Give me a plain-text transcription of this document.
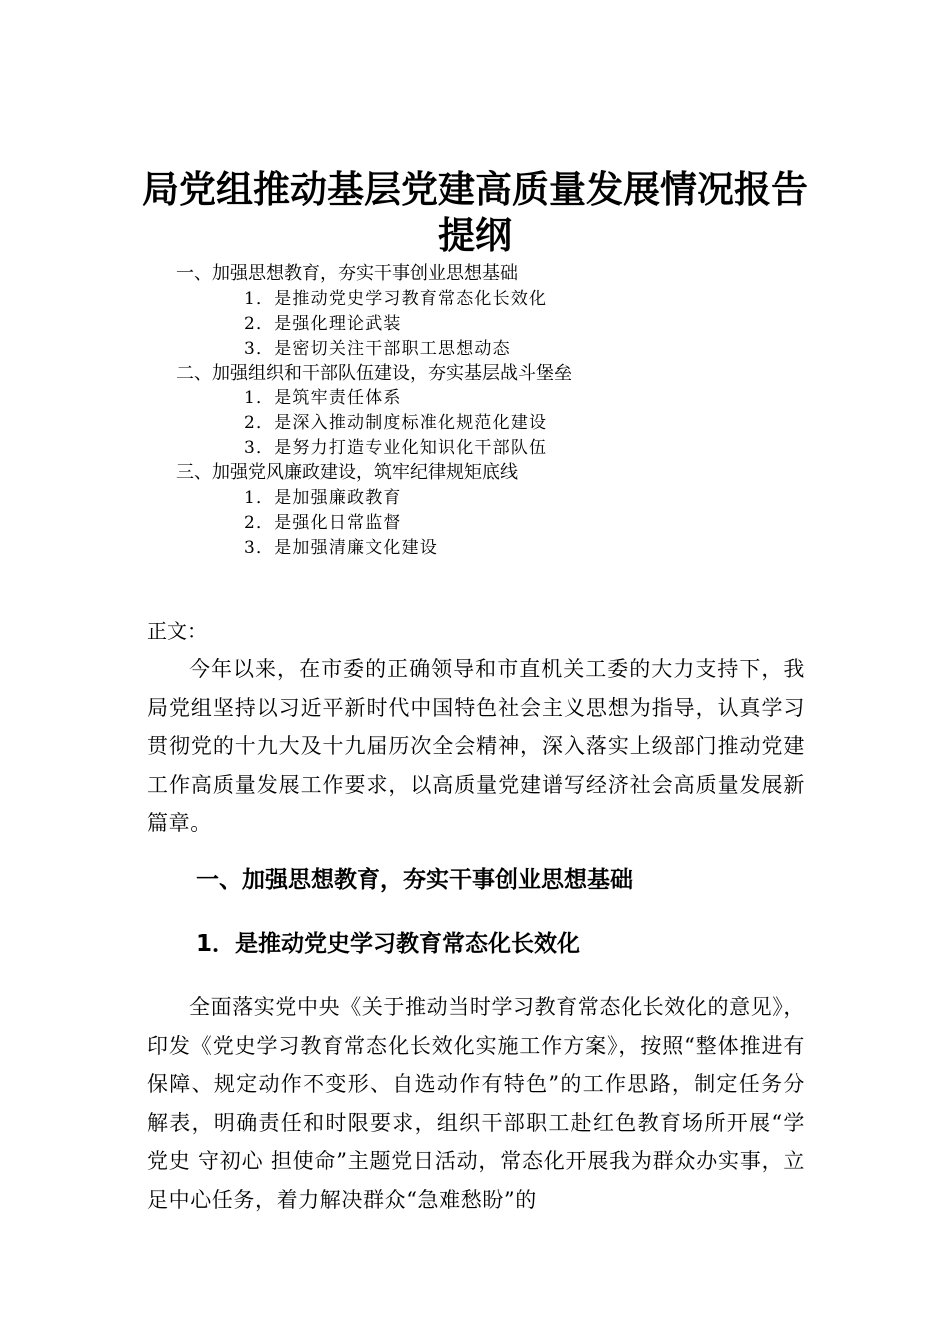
局党组推动基层党建高质量发展情况报告
提纲
一、加强思想教育，夯实干事创业思想基础
1．是推动党史学习教育常态化长效化
2．是强化理论武装
3．是密切关注干部职工思想动态
二、加强组织和干部队伍建设，夯实基层战斗堡垒
1．是筑牢责任体系
2．是深入推动制度标准化规范化建设
3．是努力打造专业化知识化干部队伍
三、加强党风廉政建设，筑牢纪律规矩底线
1．是加强廉政教育
2．是强化日常监督
3．是加强清廉文化建设
正文：

今年以来，在市委的正确领导和市直机关工委的大力支持下，我局党组坚持以习近平新时代中国特色社会主义思想为指导，认真学习贯彻党的十九大及十九届历次全会精神，深入落实上级部门推动党建工作高质量发展工作要求，以高质量党建谱写经济社会高质量发展新篇章。

一、加强思想教育，夯实干事创业思想基础
1．是推动党史学习教育常态化长效化

全面落实党中央《关于推动当时学习教育常态化长效化的意见》，印发《党史学习教育常态化长效化实施工作方案》，按照“整体推进有保障、规定动作不变形、自选动作有特色”的工作思路，制定任务分解表，明确责任和时限要求，组织干部职工赴红色教育场所开展“学党史 守初心 担使命”主题党日活动，常态化开展我为群众办实事，立足中心任务，着力解决群众“急难愁盼”的
